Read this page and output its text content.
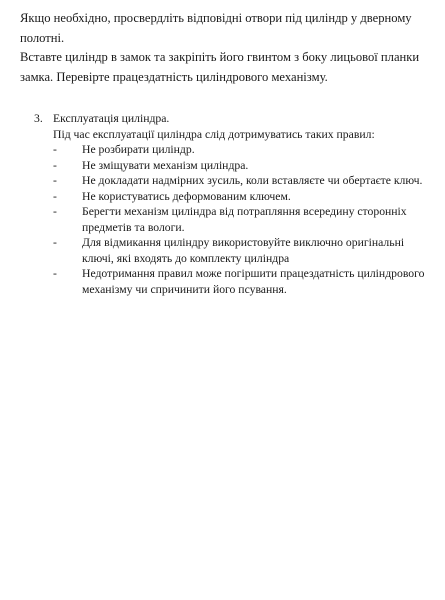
Якщо необхідно, просвердліть відповідні отвори під циліндр у дверному
полотні.

Вставте циліндр в замок та закріпіть його гвинтом з боку лицьової планки замка. Перевірте працездатність циліндрового механізму.

3. Експлуатація циліндра.

Під час експлуатації циліндра слід дотримуватись таких правил:

- Не розбирати циліндр.
- Не зміщувати механізм циліндра.
- Не докладати надмірних зусиль, коли вставляєте чи обертаєте ключ.
- Не користуватись деформованим ключем.
- Берегти механізм циліндра від потрапляння всередину сторонніх предметів та вологи.
- Для відмикання циліндру використовуйте виключно оригінальні ключі, які входять до комплекту циліндра
- Недотримання правил може погіршити працездатність циліндрового механізму чи спричинити його псування.
